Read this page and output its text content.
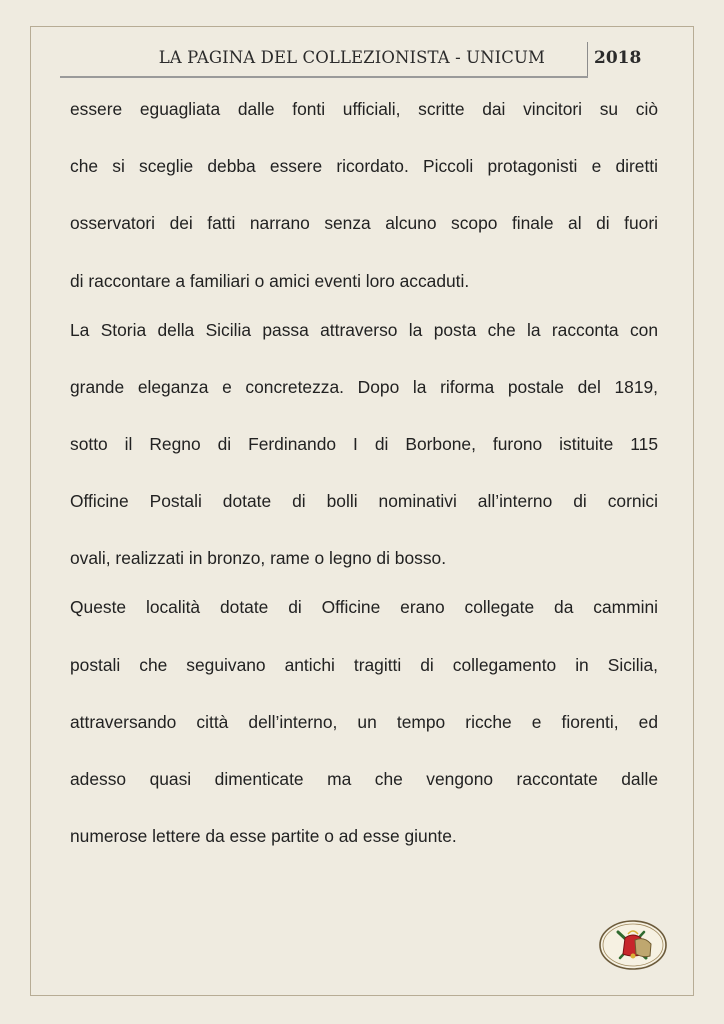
LA PAGINA DEL COLLEZIONISTA - UNICUM	2018
essere eguagliata dalle fonti ufficiali, scritte dai vincitori su ciò
che si sceglie debba essere ricordato. Piccoli protagonisti e diretti
osservatori dei fatti narrano senza alcuno scopo finale al di fuori
di raccontare a familiari o amici eventi loro accaduti.
La Storia della Sicilia passa attraverso la posta che la racconta con
grande eleganza e concretezza. Dopo la riforma postale del 1819,
sotto il Regno di Ferdinando I di Borbone, furono istituite 115
Officine Postali dotate di bolli nominativi all’interno di cornici
ovali, realizzati in bronzo, rame o legno di bosso.
Queste località dotate di Officine erano collegate da cammini
postali che seguivano antichi tragitti di collegamento in Sicilia,
attraversando città dell’interno, un tempo ricche e fiorenti, ed
adesso quasi dimenticate ma che vengono raccontate dalle
numerose lettere da esse partite o ad esse giunte.
